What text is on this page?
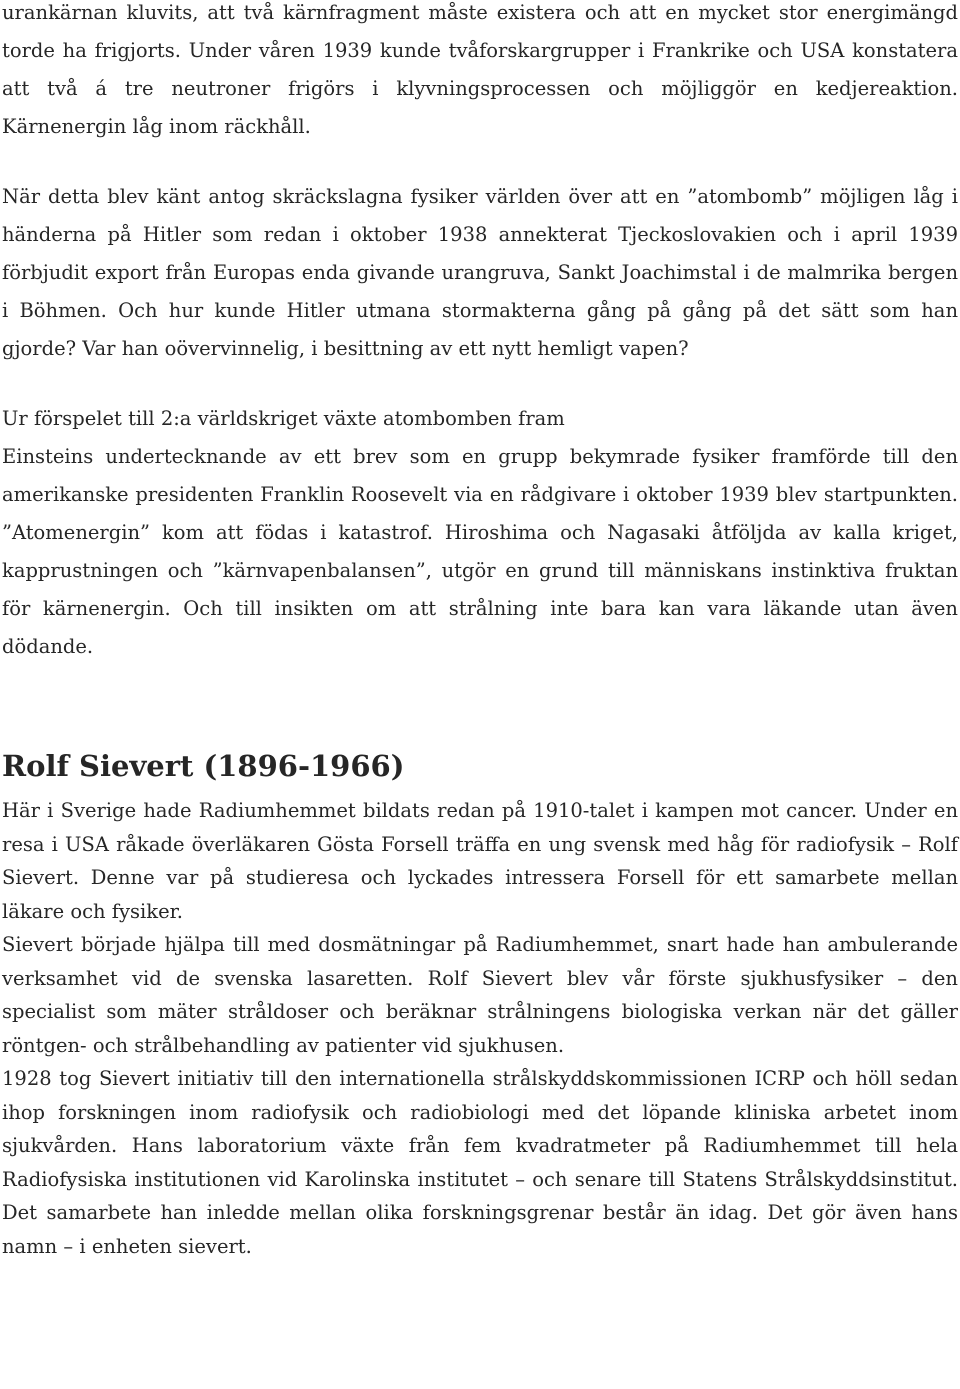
urankärnan kluvits, att två kärnfragment måste existera och att en mycket stor energimängd torde ha frigjorts. Under våren 1939 kunde tvåforskargrupper i Frankrike och USA konstatera att två á tre neutroner frigörs i klyvningsprocessen och möjliggör en kedjereaktion. Kärnenergin låg inom räckhåll.

När detta blev känt antog skräckslagna fysiker världen över att en ”atombomb” möjligen låg i händerna på Hitler som redan i oktober 1938 annekterat Tjeckoslovakien och i april 1939 förbjudit export från Europas enda givande urangruva, Sankt Joachimstal i de malmrika bergen i Böhmen. Och hur kunde Hitler utmana stormakterna gång på gång på det sätt som han gjorde? Var han oövervinnelig, i besittning av ett nytt hemligt vapen?

Ur förspelet till 2:a världskriget växte atombomben fram
Einsteins undertecknande av ett brev som en grupp bekymrade fysiker framförde till den amerikanske presidenten Franklin Roosevelt via en rådgivare i oktober 1939 blev startpunkten. ”Atomenergin” kom att födas i katastrof. Hiroshima och Nagasaki åtföljda av kalla kriget, kapprustningen och ”kärnvapenbalansen”, utgör en grund till människans instinktiva fruktan för kärnenergin. Och till insikten om att strålning inte bara kan vara läkande utan även dödande.

Rolf Sievert (1896-1966)

Här i Sverige hade Radiumhemmet bildats redan på 1910-talet i kampen mot cancer. Under en resa i USA råkade överläkaren Gösta Forsell träffa en ung svensk med håg för radiofysik – Rolf Sievert. Denne var på studieresa och lyckades intressera Forsell för ett samarbete mellan läkare och fysiker.

Sievert började hjälpa till med dosmätningar på Radiumhemmet, snart hade han ambulerande verksamhet vid de svenska lasaretten. Rolf Sievert blev vår förste sjukhusfysiker – den specialist som mäter stråldoser och beräknar strålningens biologiska verkan när det gäller röntgen- och strålbehandling av patienter vid sjukhusen.

1928 tog Sievert initiativ till den internationella strålskyddskommissionen ICRP och höll sedan ihop forskningen inom radiofysik och radiobiologi med det löpande kliniska arbetet inom sjukvården. Hans laboratorium växte från fem kvadratmeter på Radiumhemmet till hela Radiofysiska institutionen vid Karolinska institutet – och senare till Statens Strålskyddsinstitut. Det samarbete han inledde mellan olika forskningsgrenar består än idag. Det gör även hans namn – i enheten sievert.
